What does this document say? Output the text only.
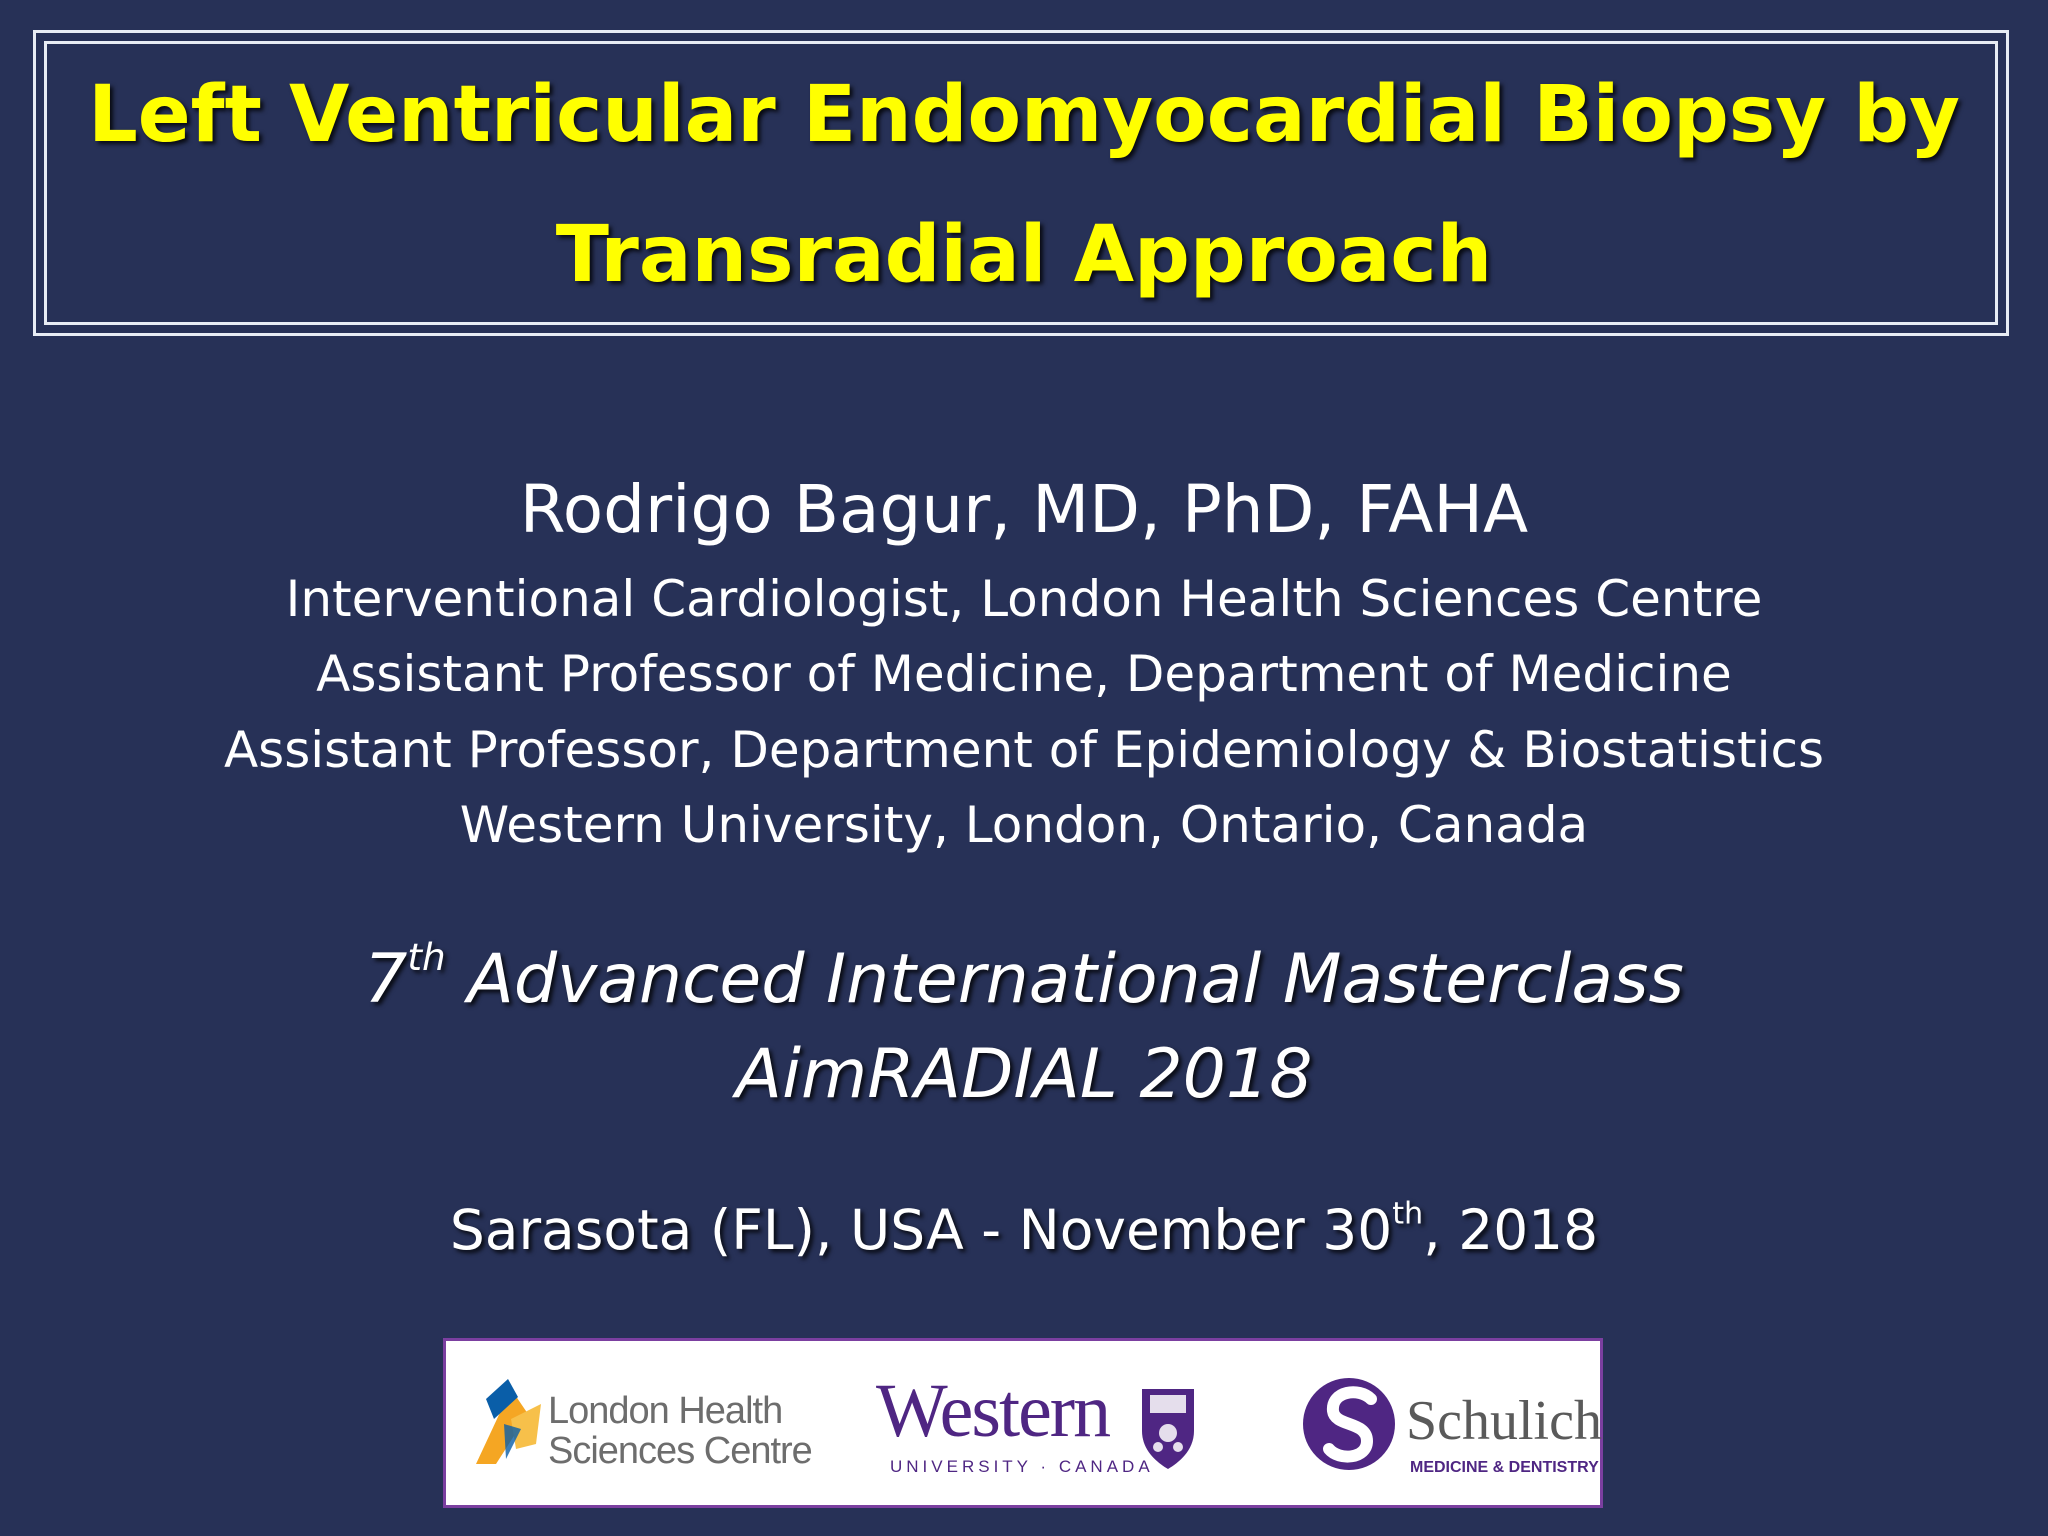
Left Ventricular Endomyocardial Biopsy by
Transradial Approach
Rodrigo Bagur, MD, PhD, FAHA
Interventional Cardiologist, London Health Sciences Centre
Assistant Professor of Medicine, Department of Medicine
Assistant Professor, Department of Epidemiology & Biostatistics
Western University, London, Ontario, Canada
7th Advanced International Masterclass
AimRADIAL 2018
Sarasota (FL), USA - November 30th, 2018
London Health
Sciences Centre Western
UNIVERSITY · CANADA
Schulich
MEDICINE & DENTISTRY
